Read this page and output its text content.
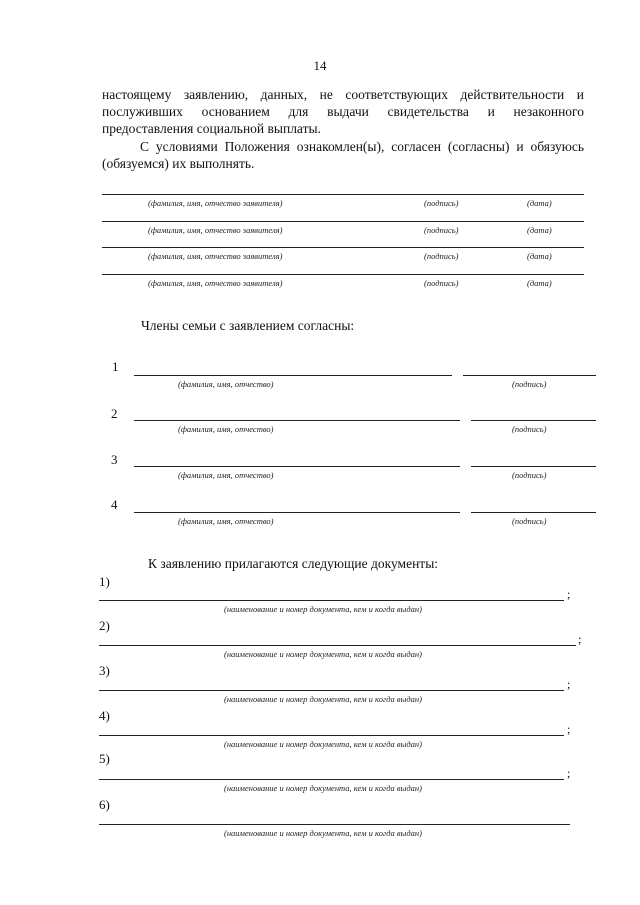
14
настоящему заявлению, данных, не соответствующих действительности и послуживших основанием для выдачи свидетельства и незаконного предоставления социальной выплаты.
С условиями Положения ознакомлен(ы), согласен (согласны) и обязуюсь (обязуемся) их выполнять.
(фамилия, имя, отчество заявителя)	(подпись)	(дата)
(фамилия, имя, отчество заявителя)	(подпись)	(дата)
(фамилия, имя, отчество заявителя)	(подпись)	(дата)
(фамилия, имя, отчество заявителя)	(подпись)	(дата)
Члены семьи с заявлением согласны:
1
(фамилия, имя, отчество)	(подпись)
2
(фамилия, имя, отчество)	(подпись)
3
(фамилия, имя, отчество)	(подпись)
4
(фамилия, имя, отчество)	(подпись)
К заявлению прилагаются следующие документы:
1)
;
(наименование и номер документа, кем и когда выдан)
2)
;
(наименование и номер документа, кем и когда выдан)
3)
;
(наименование и номер документа, кем и когда выдан)
4)
;
(наименование и номер документа, кем и когда выдан)
5)
;
(наименование и номер документа, кем и когда выдан)
6)
(наименование и номер документа, кем и когда выдан)
